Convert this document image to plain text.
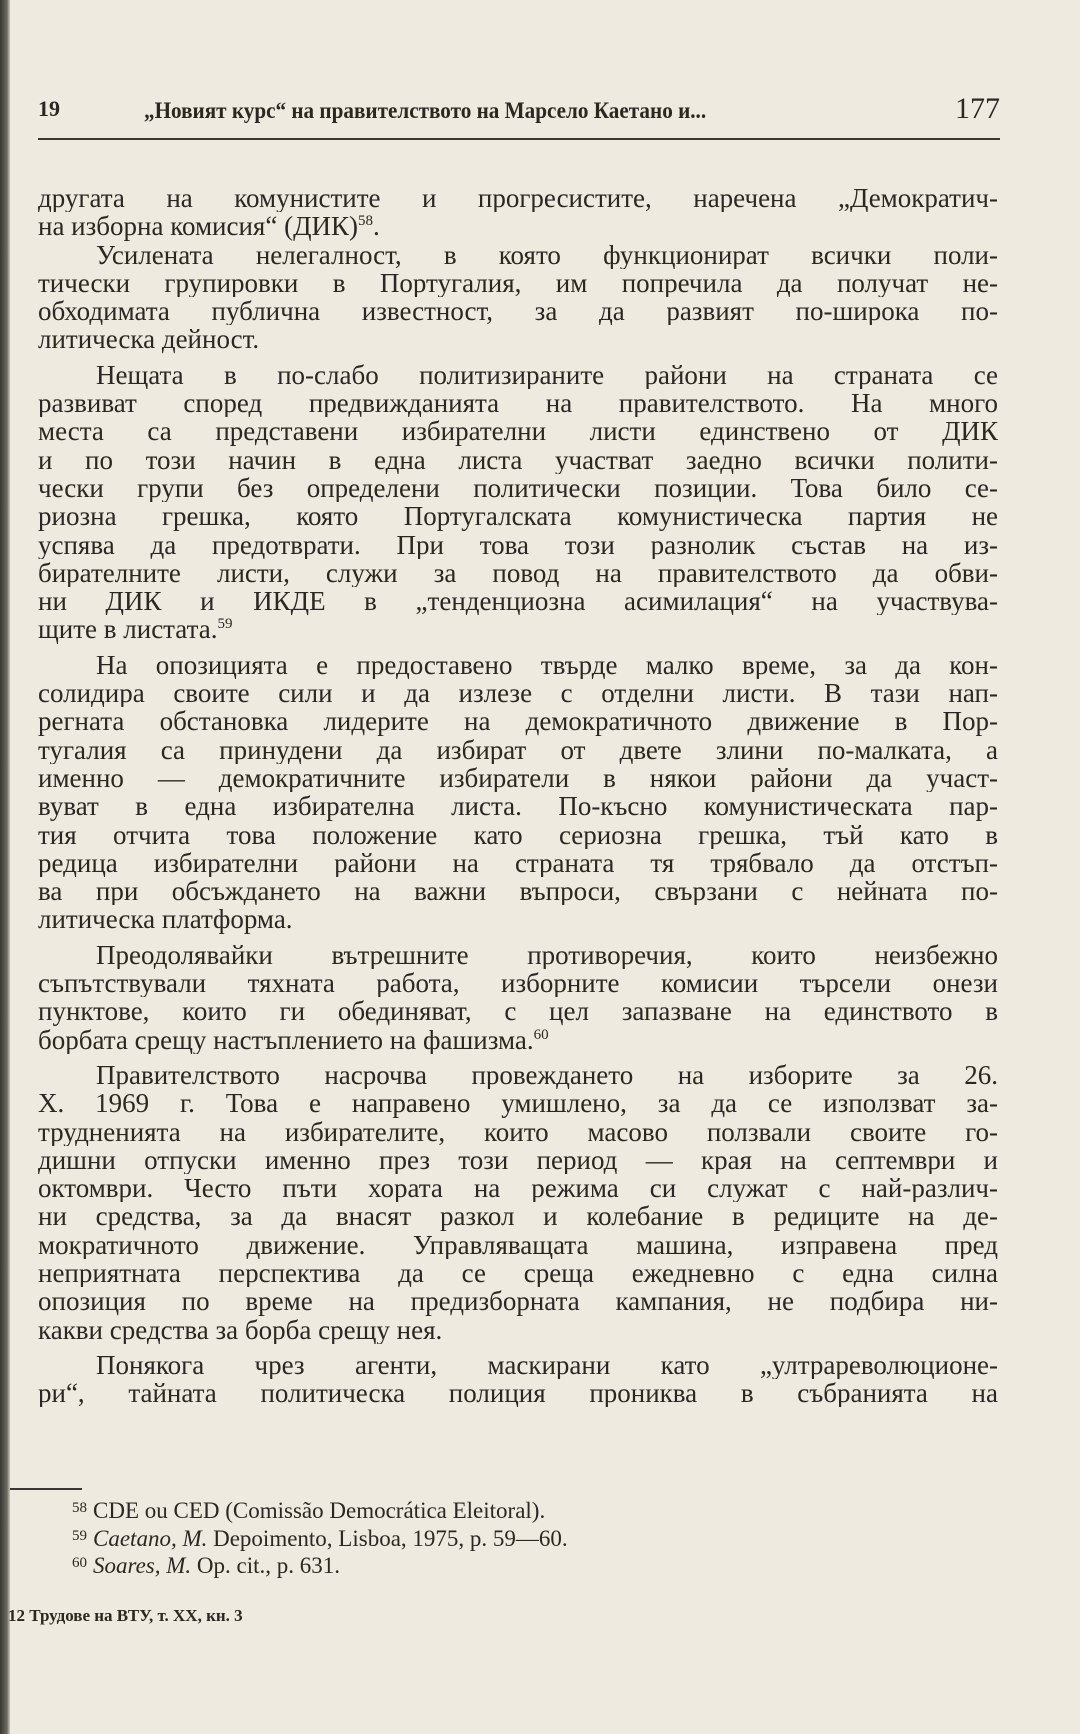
19	„Новият курс“ на правителството на Марсело Каетано и...	177
другата на комунистите и прогресистите, наречена „Демократич-
на изборна комисия“ (ДИК)$^{58}$.
Усилената нелегалност, в която функционират всички поли-
тически групировки в Португалия, им попречила да получат не-
обходимата публична известност, за да развият по-широка по-
литическа дейност.
Нещата в по-слабо политизираните райони на страната се
развиват според предвижданията на правителството. На много
места са представени избирателни листи единствено от ДИК
и по този начин в една листа участват заедно всички полити-
чески групи без определени политически позиции. Това било се-
риозна грешка, която Португалската комунистическа партия не
успява да предотврати. При това този разнолик състав на из-
бирателните листи, служи за повод на правителството да обви-
ни ДИК и ИКДЕ в „тенденциозна асимилация“ на участвува-
щите в листата.$^{59}$
На опозицията е предоставено твърде малко време, за да кон-
солидира своите сили и да излезе с отделни листи. В тази нап-
регната обстановка лидерите на демократичното движение в Пор-
тугалия са принудени да избират от двете злини по-малката, а
именно — демократичните избиратели в някои райони да участ-
вуват в една избирателна листа. По-късно комунистическата пар-
тия отчита това положение като сериозна грешка, тъй като в
редица избирателни райони на страната тя трябвало да отстъп-
ва при обсъждането на важни въпроси, свързани с нейната по-
литическа платформа.
Преодолявайки вътрешните противоречия, които неизбежно
съпътствували тяхната работа, изборните комисии търсели онези
пунктове, които ги обединяват, с цел запазване на единството в
борбата срещу настъплението на фашизма.$^{60}$
Правителството насрочва провеждането на изборите за 26.
X. 1969 г. Това е направено умишлено, за да се използват за-
трудненията на избирателите, които масово ползвали своите го-
дишни отпуски именно през този период — края на септември и
октомври. Често пъти хората на режима си служат с най-различ-
ни средства, за да внасят разкол и колебание в редиците на де-
мократичното движение. Управляващата машина, изправена пред
неприятната перспектива да се среща ежедневно с една силна
опозиция по време на предизборната кампания, не подбира ни-
какви средства за борба срещу нея.
Понякога чрез агенти, маскирани като „ултрареволюционе-
ри“, тайната политическа полиция прониква в събранията на
$^{58}$ CDE ou CED (Comissão Democrática Eleitoral).
$^{59}$ Caetano, M. Depoimento, Lisboa, 1975, p. 59—60.
$^{60}$ Soares, M. Op. cit., p. 631.
12 Трудове на ВТУ, т. XX, кн. 3
